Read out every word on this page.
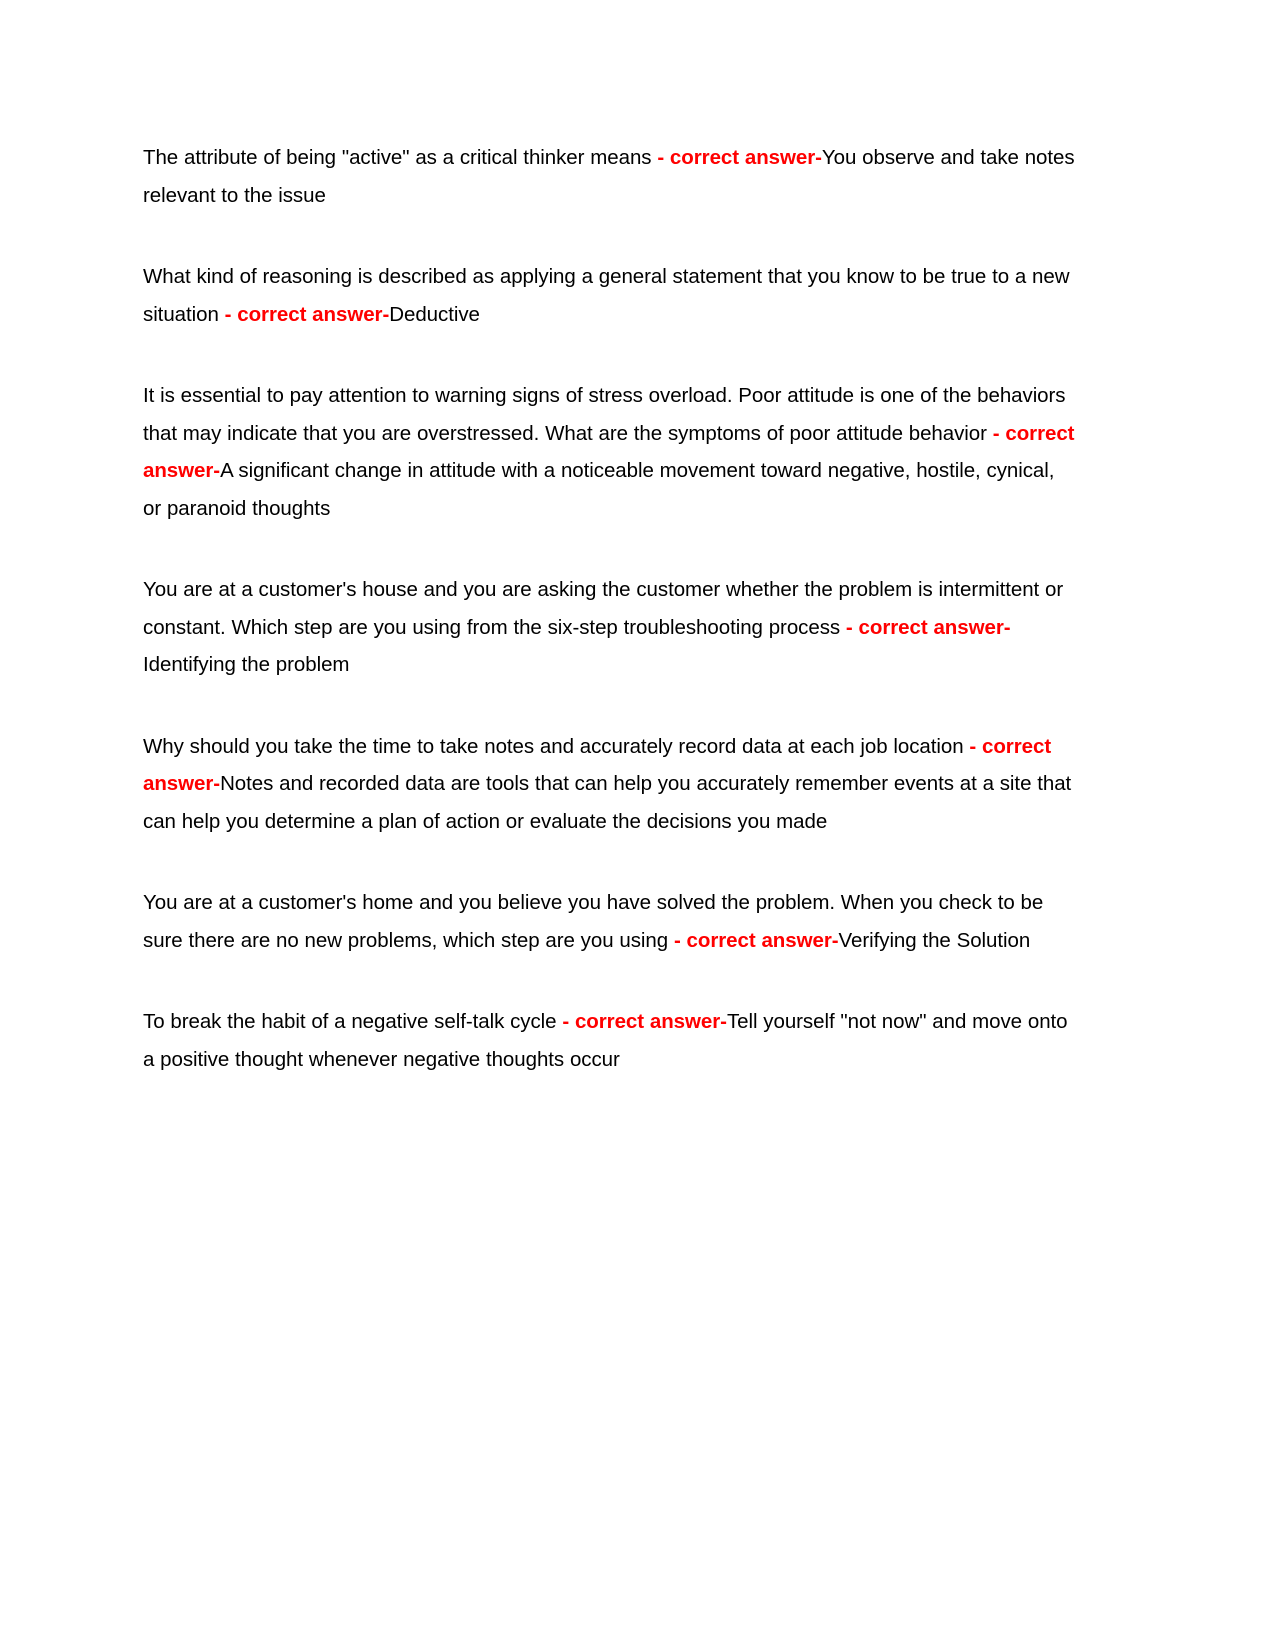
The attribute of being "active" as a critical thinker means - correct answer-You observe and take notes relevant to the issue

What kind of reasoning is described as applying a general statement that you know to be true to a new situation - correct answer-Deductive

It is essential to pay attention to warning signs of stress overload. Poor attitude is one of the behaviors that may indicate that you are overstressed. What are the symptoms of poor attitude behavior - correct answer-A significant change in attitude with a noticeable movement toward negative, hostile, cynical, or paranoid thoughts

You are at a customer's house and you are asking the customer whether the problem is intermittent or constant. Which step are you using from the six-step troubleshooting process - correct answer-Identifying the problem

Why should you take the time to take notes and accurately record data at each job location - correct answer-Notes and recorded data are tools that can help you accurately remember events at a site that can help you determine a plan of action or evaluate the decisions you made

You are at a customer's home and you believe you have solved the problem. When you check to be sure there are no new problems, which step are you using - correct answer-Verifying the Solution

To break the habit of a negative self-talk cycle - correct answer-Tell yourself "not now" and move onto a positive thought whenever negative thoughts occur
